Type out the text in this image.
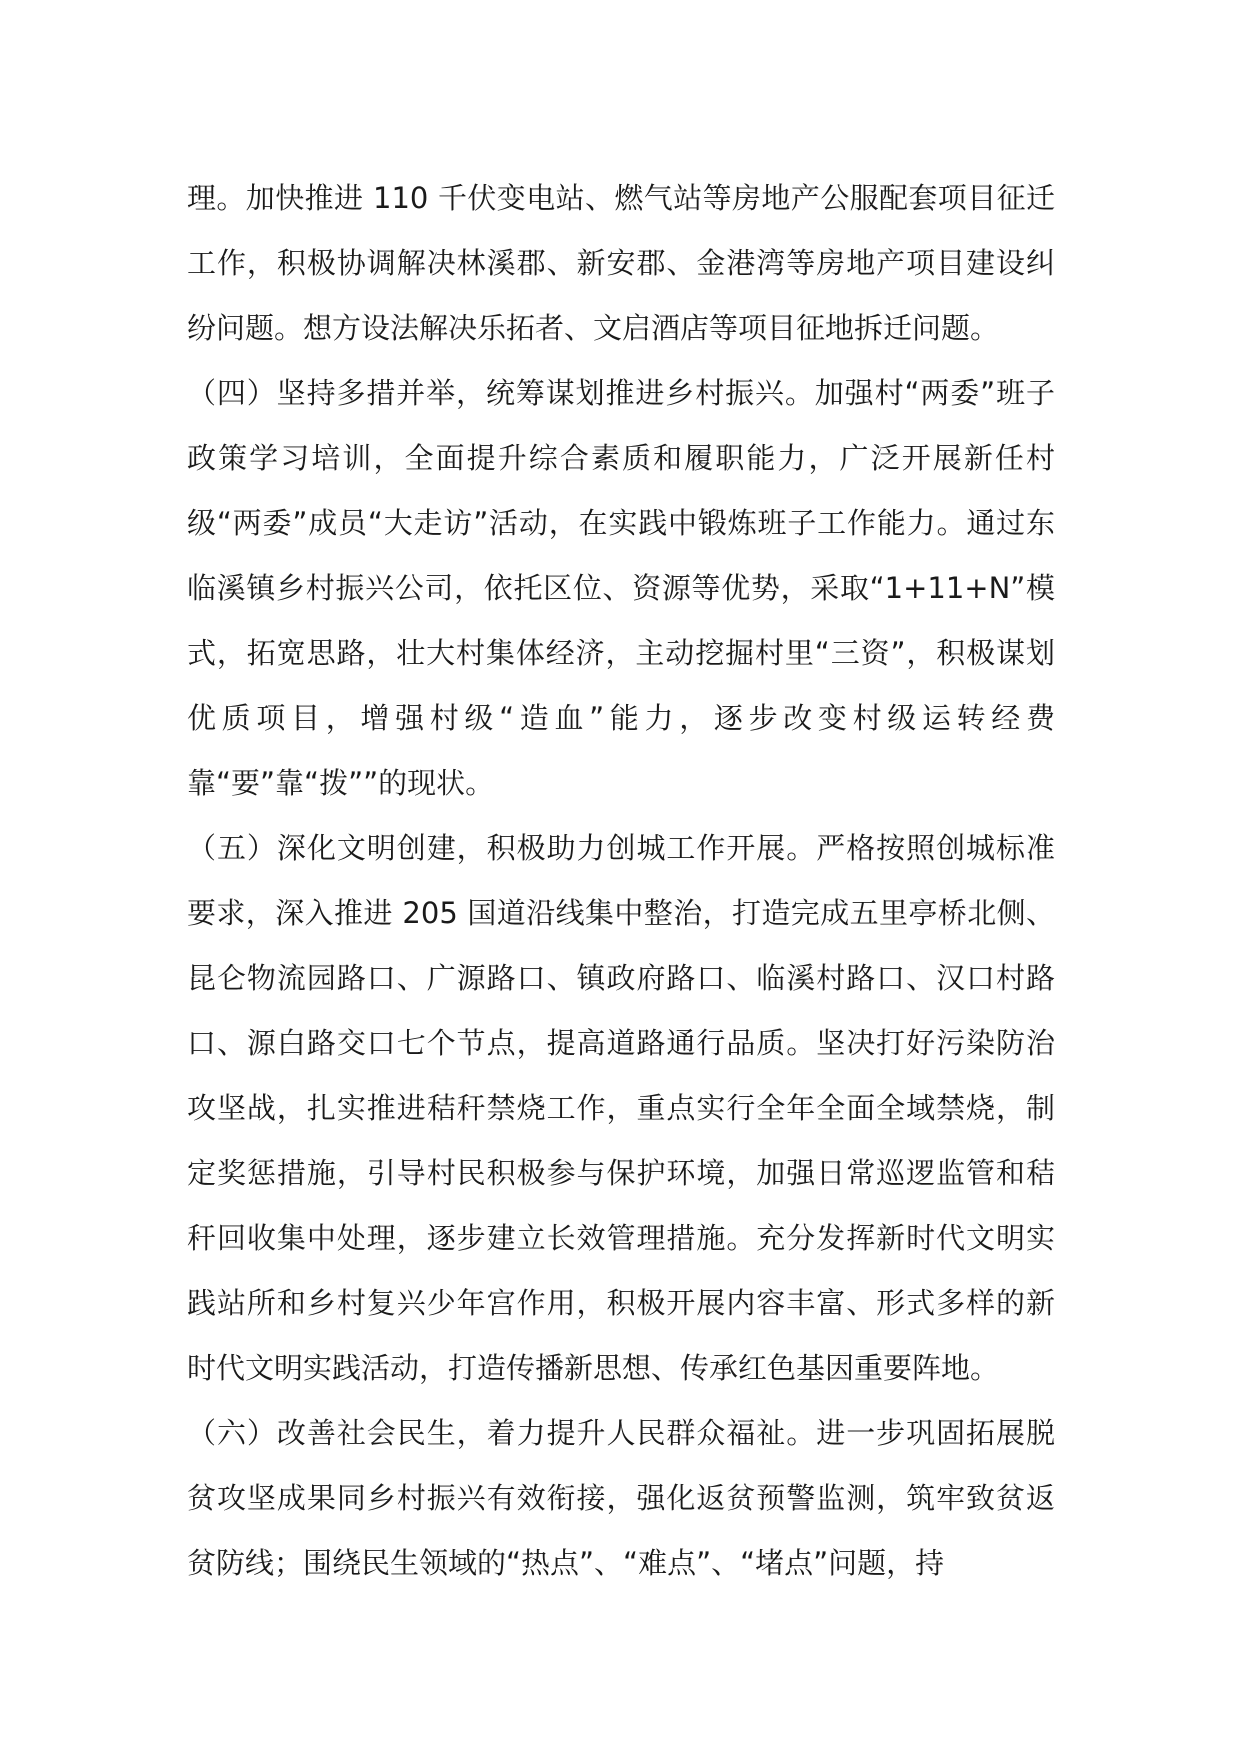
理。加快推进 110 千伏变电站、燃气站等房地产公服配套项目征迁工作，积极协调解决林溪郡、新安郡、金港湾等房地产项目建设纠纷问题。想方设法解决乐拓者、文启酒店等项目征地拆迁问题。

（四）坚持多措并举，统筹谋划推进乡村振兴。加强村“两委”班子政策学习培训，全面提升综合素质和履职能力，广泛开展新任村级“两委”成员“大走访”活动，在实践中锻炼班子工作能力。通过东临溪镇乡村振兴公司，依托区位、资源等优势，采取“1+11+N”模式，拓宽思路，壮大村集体经济，主动挖掘村里“三资”，积极谋划优质项目，增强村级“造血”能力，逐步改变村级运转经费靠“要”靠“拨””的现状。

（五）深化文明创建，积极助力创城工作开展。严格按照创城标准要求，深入推进 205 国道沿线集中整治，打造完成五里亭桥北侧、昆仑物流园路口、广源路口、镇政府路口、临溪村路口、汉口村路口、源白路交口七个节点，提高道路通行品质。坚决打好污染防治攻坚战，扎实推进秸秆禁烧工作，重点实行全年全面全域禁烧，制定奖惩措施，引导村民积极参与保护环境，加强日常巡逻监管和秸秆回收集中处理，逐步建立长效管理措施。充分发挥新时代文明实践站所和乡村复兴少年宫作用，积极开展内容丰富、形式多样的新时代文明实践活动，打造传播新思想、传承红色基因重要阵地。

（六）改善社会民生，着力提升人民群众福祉。进一步巩固拓展脱贫攻坚成果同乡村振兴有效衔接，强化返贫预警监测，筑牢致贫返贫防线；围绕民生领域的“热点”、“难点”、“堵点”问题，持
